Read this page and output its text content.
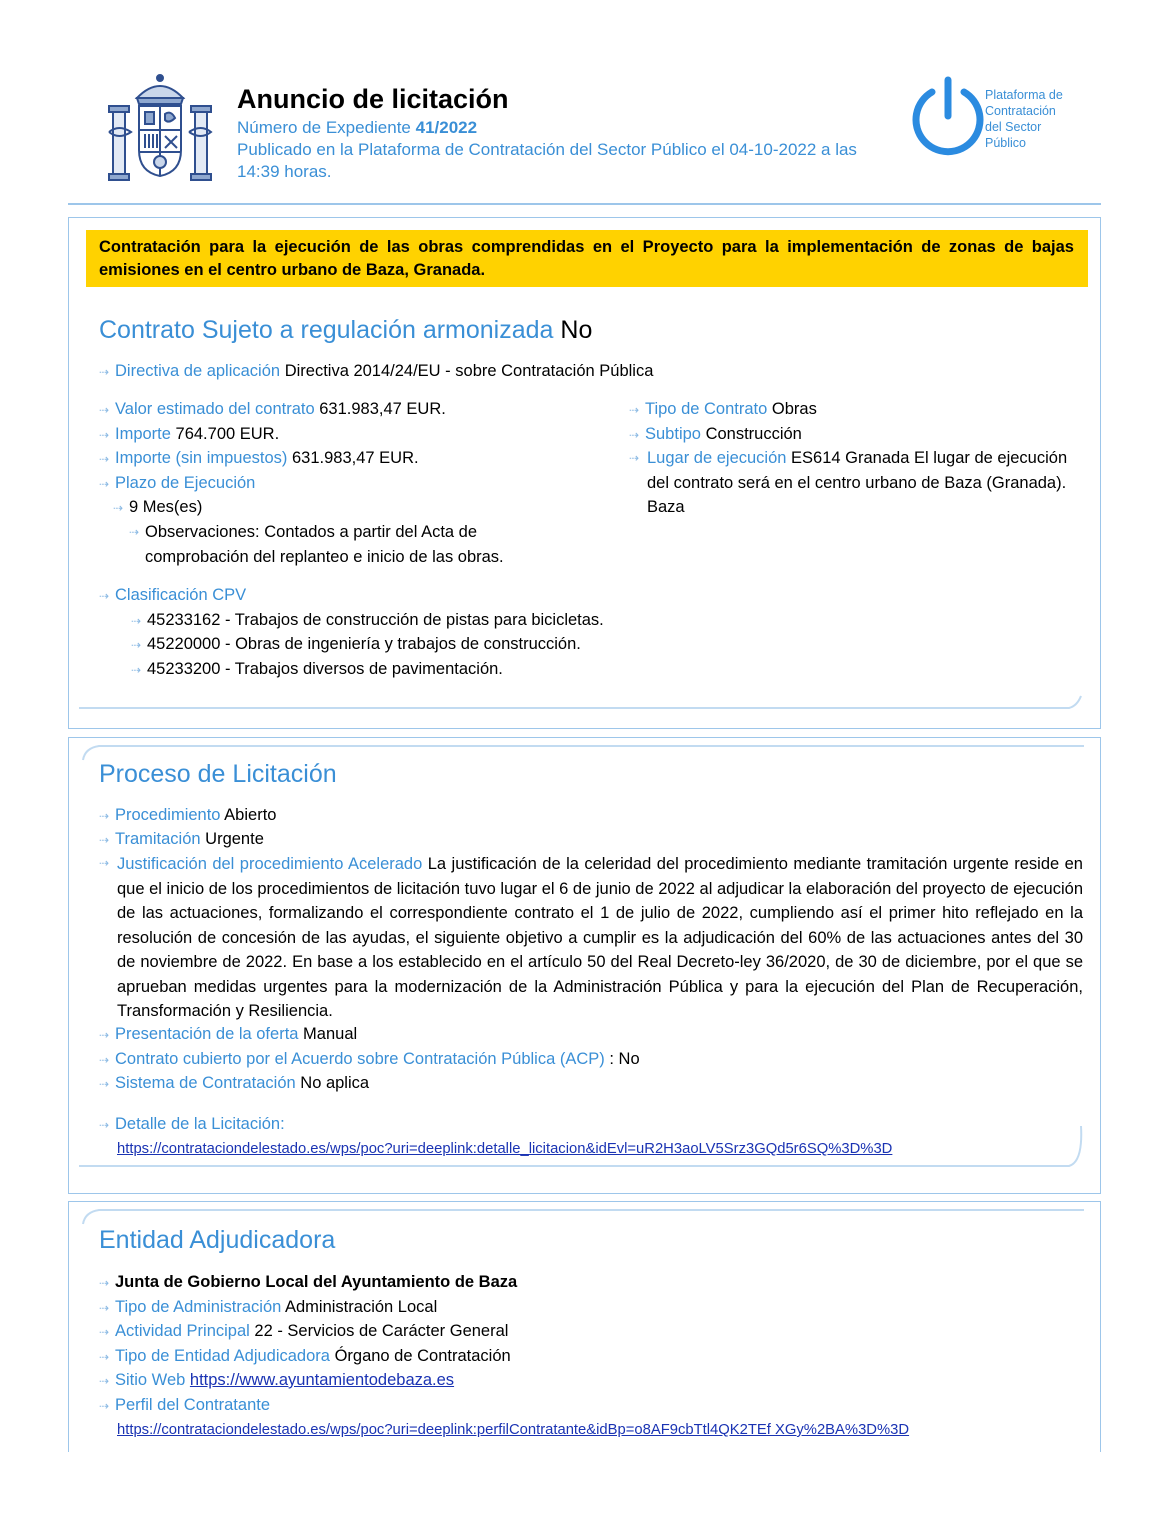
Anuncio de licitación
Número de Expediente 41/2022
Publicado en la Plataforma de Contratación del Sector Público el 04-10-2022 a las 14:39 horas.
Plataforma de
Contratación
del Sector
Público
Contratación para la ejecución de las obras comprendidas en el Proyecto para la implementación de zonas de bajas emisiones en el centro urbano de Baza, Granada.
Contrato Sujeto a regulación armonizada No
⇢ Directiva de aplicación Directiva 2014/24/EU - sobre Contratación Pública
⇢ Valor estimado del contrato 631.983,47 EUR.
⇢ Importe 764.700 EUR.
⇢ Importe (sin impuestos) 631.983,47 EUR.
⇢ Plazo de Ejecución
⇢ 9 Mes(es)
⇢ Observaciones: Contados a partir del Acta de comprobación del replanteo e inicio de las obras.
⇢ Tipo de Contrato Obras
⇢ Subtipo Construcción
⇢ Lugar de ejecución ES614 Granada El lugar de ejecución del contrato será en el centro urbano de Baza (Granada). Baza
⇢ Clasificación CPV
⇢ 45233162 - Trabajos de construcción de pistas para bicicletas.
⇢ 45220000 - Obras de ingeniería y trabajos de construcción.
⇢ 45233200 - Trabajos diversos de pavimentación.
Proceso de Licitación
⇢ Procedimiento Abierto
⇢ Tramitación Urgente
⇢ Justificación del procedimiento Acelerado La justificación de la celeridad del procedimiento mediante tramitación urgente reside en que el inicio de los procedimientos de licitación tuvo lugar el 6 de junio de 2022 al adjudicar la elaboración del proyecto de ejecución de las actuaciones, formalizando el correspondiente contrato el 1 de julio de 2022, cumpliendo así el primer hito reflejado en la resolución de concesión de las ayudas, el siguiente objetivo a cumplir es la adjudicación del 60% de las actuaciones antes del 30 de noviembre de 2022. En base a los establecido en el artículo 50 del Real Decreto-ley 36/2020, de 30 de diciembre, por el que se aprueban medidas urgentes para la modernización de la Administración Pública y para la ejecución del Plan de Recuperación, Transformación y Resiliencia.
⇢ Presentación de la oferta Manual
⇢ Contrato cubierto por el Acuerdo sobre Contratación Pública (ACP) : No
⇢ Sistema de Contratación No aplica
⇢ Detalle de la Licitación:
https://contrataciondelestado.es/wps/poc?uri=deeplink:detalle_licitacion&idEvl=uR2H3aoLV5Srz3GQd5r6SQ%3D%3D
Entidad Adjudicadora
⇢ Junta de Gobierno Local del Ayuntamiento de Baza
⇢ Tipo de Administración Administración Local
⇢ Actividad Principal 22 - Servicios de Carácter General
⇢ Tipo de Entidad Adjudicadora Órgano de Contratación
⇢ Sitio Web https://www.ayuntamientodebaza.es
⇢ Perfil del Contratante
https://contrataciondelestado.es/wps/poc?uri=deeplink:perfilContratante&idBp=o8AF9cbTtl4QK2TEf XGy%2BA%3D%3D
